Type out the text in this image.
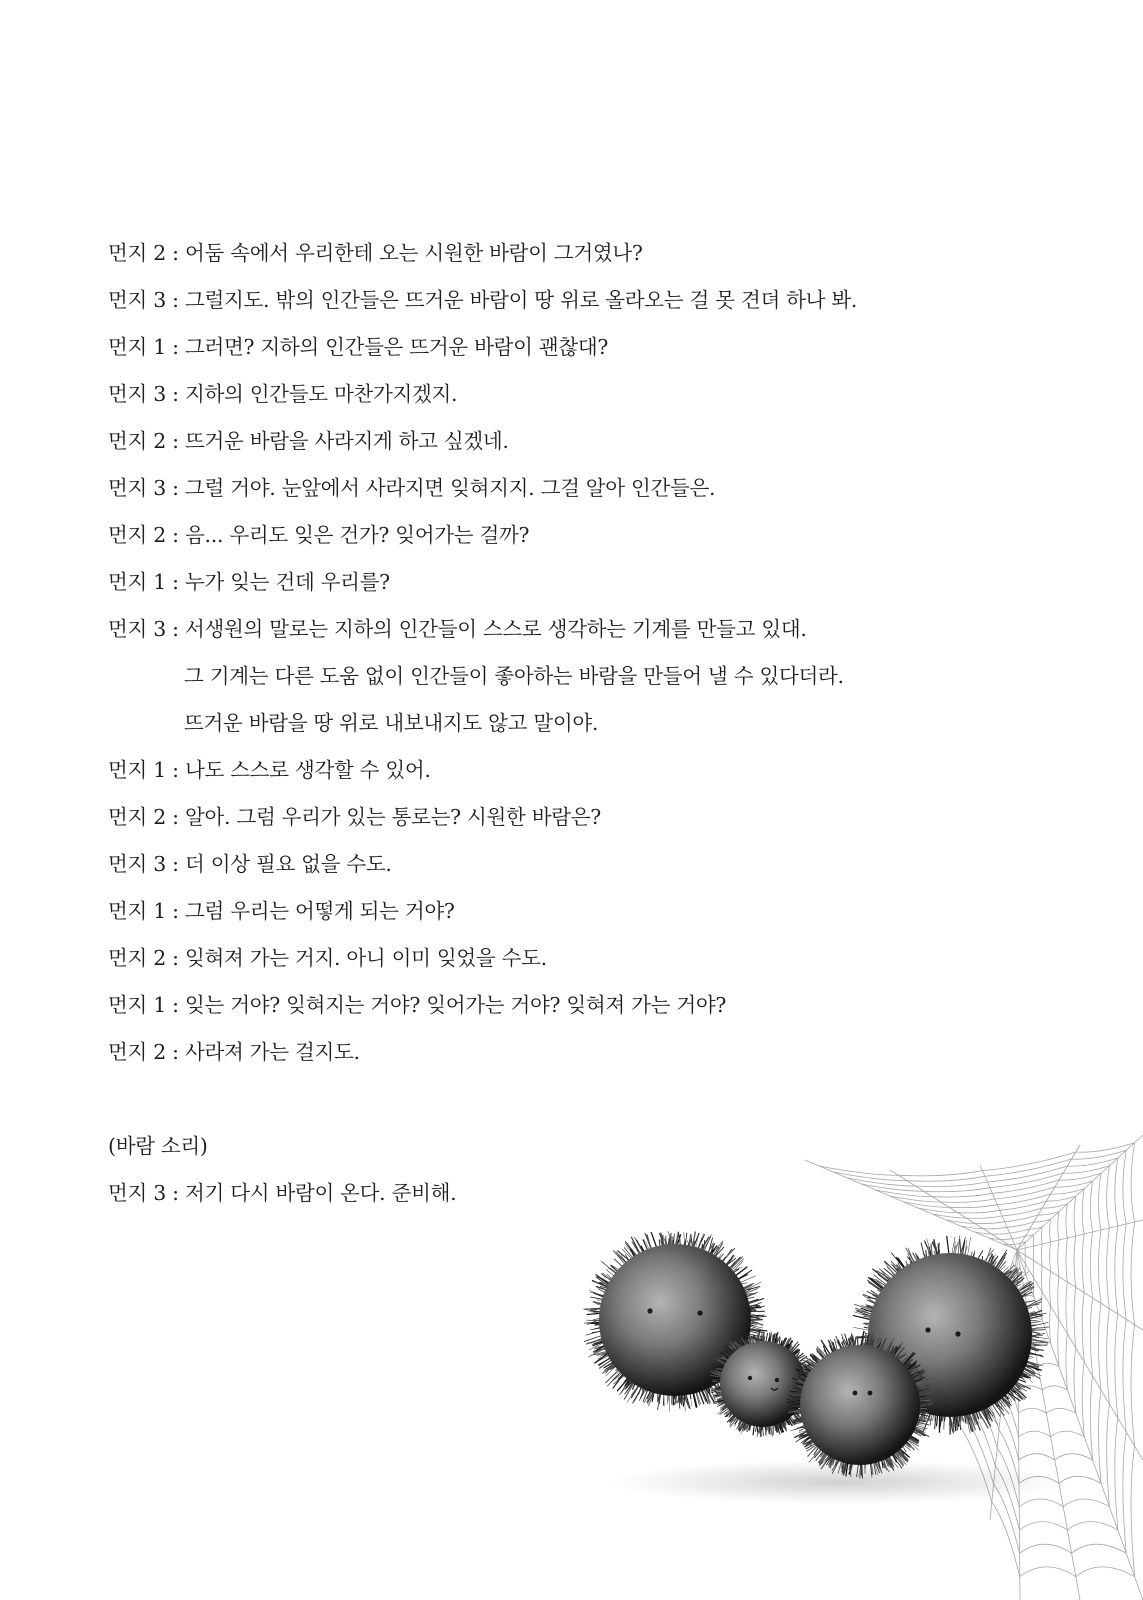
먼지 2 : 어둠 속에서 우리한테 오는 시원한 바람이 그거였나?
먼지 3 : 그럴지도. 밖의 인간들은 뜨거운 바람이 땅 위로 올라오는 걸 못 견뎌 하나 봐.
먼지 1 : 그러면? 지하의 인간들은 뜨거운 바람이 괜찮대?
먼지 3 : 지하의 인간들도 마찬가지겠지.
먼지 2 : 뜨거운 바람을 사라지게 하고 싶겠네.
먼지 3 : 그럴 거야. 눈앞에서 사라지면 잊혀지지. 그걸 알아 인간들은.
먼지 2 : 음... 우리도 잊은 건가? 잊어가는 걸까?
먼지 1 : 누가 잊는 건데 우리를?
먼지 3 : 서생원의 말로는 지하의 인간들이 스스로 생각하는 기계를 만들고 있대.
그 기계는 다른 도움 없이 인간들이 좋아하는 바람을 만들어 낼 수 있다더라.
뜨거운 바람을 땅 위로 내보내지도 않고 말이야.
먼지 1 : 나도 스스로 생각할 수 있어.
먼지 2 : 알아. 그럼 우리가 있는 통로는? 시원한 바람은?
먼지 3 : 더 이상 필요 없을 수도.
먼지 1 : 그럼 우리는 어떻게 되는 거야?
먼지 2 : 잊혀져 가는 거지. 아니 이미 잊었을 수도.
먼지 1 : 잊는 거야? 잊혀지는 거야? 잊어가는 거야? 잊혀져 가는 거야?
먼지 2 : 사라져 가는 걸지도.
(바람 소리)
먼지 3 : 저기 다시 바람이 온다. 준비해.
